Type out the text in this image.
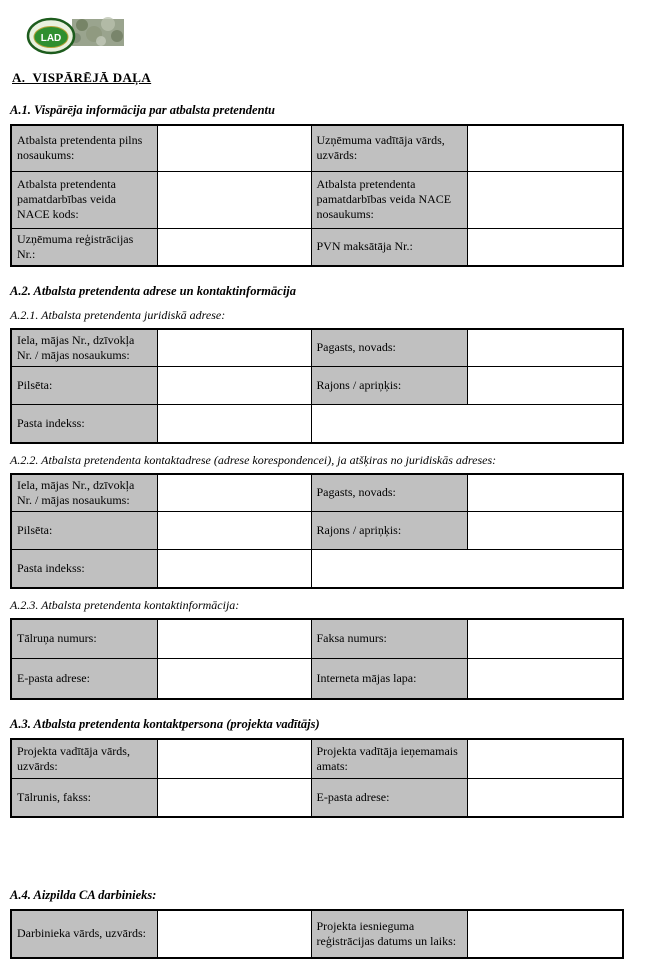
LAD
A.  VISPĀRĒJĀ DAĻA
A.1. Vispārēja informācija par atbalsta pretendentu
Atbalsta pretendenta pilns nosaukums:		Uzņēmuma vadītāja vārds, uzvārds:	
Atbalsta pretendenta pamatdarbības veida NACE kods:		Atbalsta pretendenta pamatdarbības veida NACE nosaukums:	
Uzņēmuma reģistrācijas Nr.:		PVN maksātāja Nr.:	
A.2. Atbalsta pretendenta adrese un kontaktinformācija
A.2.1. Atbalsta pretendenta juridiskā adrese:
Iela, mājas Nr., dzīvokļa Nr. / mājas nosaukums:		Pagasts, novads:	
Pilsēta:		Rajons / apriņķis:	
Pasta indekss:			
A.2.2. Atbalsta pretendenta kontaktadrese (adrese korespondencei), ja atšķiras no juridiskās adreses:
Iela, mājas Nr., dzīvokļa Nr. / mājas nosaukums:		Pagasts, novads:	
Pilsēta:		Rajons / apriņķis:	
Pasta indekss:			
A.2.3. Atbalsta pretendenta kontaktinformācija:
Tālruņa numurs:		Faksa numurs:	
E-pasta adrese:		Interneta mājas lapa:	
A.3. Atbalsta pretendenta kontaktpersona (projekta vadītājs)
Projekta vadītāja vārds, uzvārds:		Projekta vadītāja ieņemamais amats:	
Tālrunis, fakss:		E-pasta adrese:	
A.4. Aizpilda CA darbinieks:
Darbinieka vārds, uzvārds:		Projekta iesnieguma reģistrācijas datums un laiks:	
